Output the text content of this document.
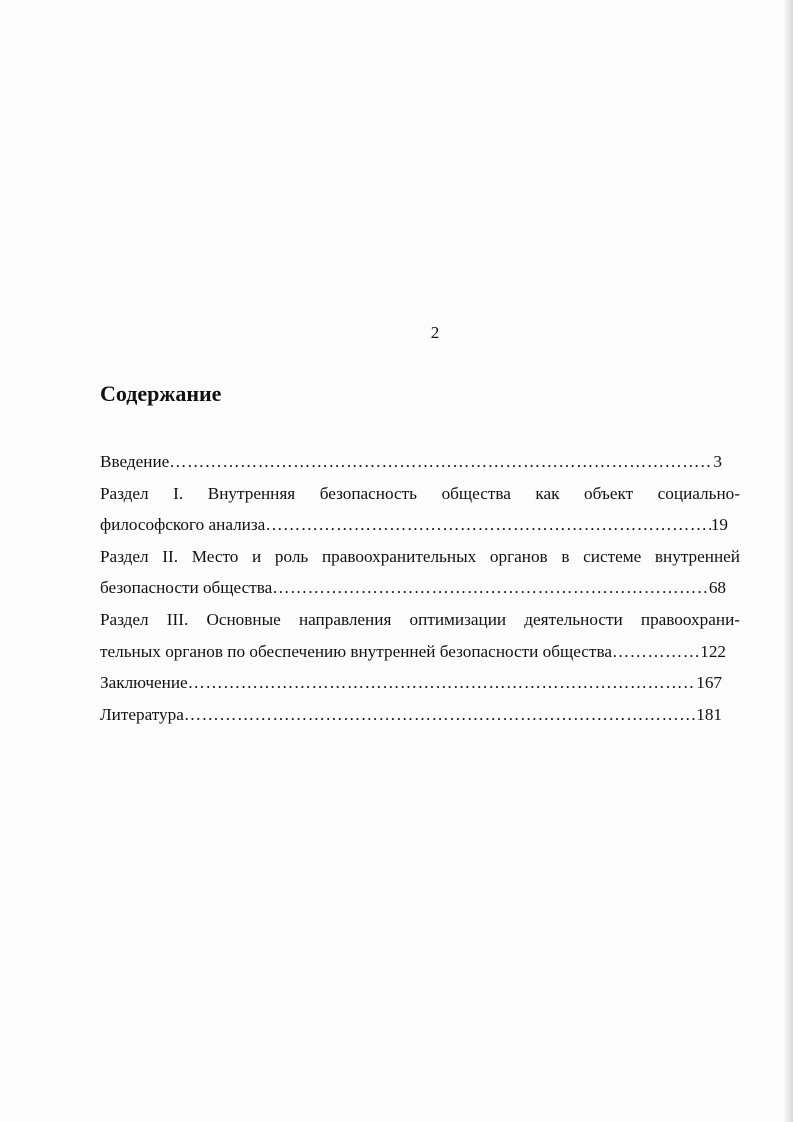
2
Содержание
Введение ……………………………………………………………………………………………………………………………………………………	3
Раздел I. Внутренняя безопасность общества как объект социально-
философского анализа ……………………………………………………………………………………………………………………………………………………	19
Раздел II. Место и роль правоохранительных органов в системе внутренней
безопасности общества ……………………………………………………………………………………………………………………………………………………	68
Раздел III. Основные направления оптимизации деятельности правоохрани-
тельных органов по обеспечению внутренней безопасности общества ……………………………………………………………………………………………………………………………………………………	122
Заключение ……………………………………………………………………………………………………………………………………………………	167
Литература ……………………………………………………………………………………………………………………………………………………	181
